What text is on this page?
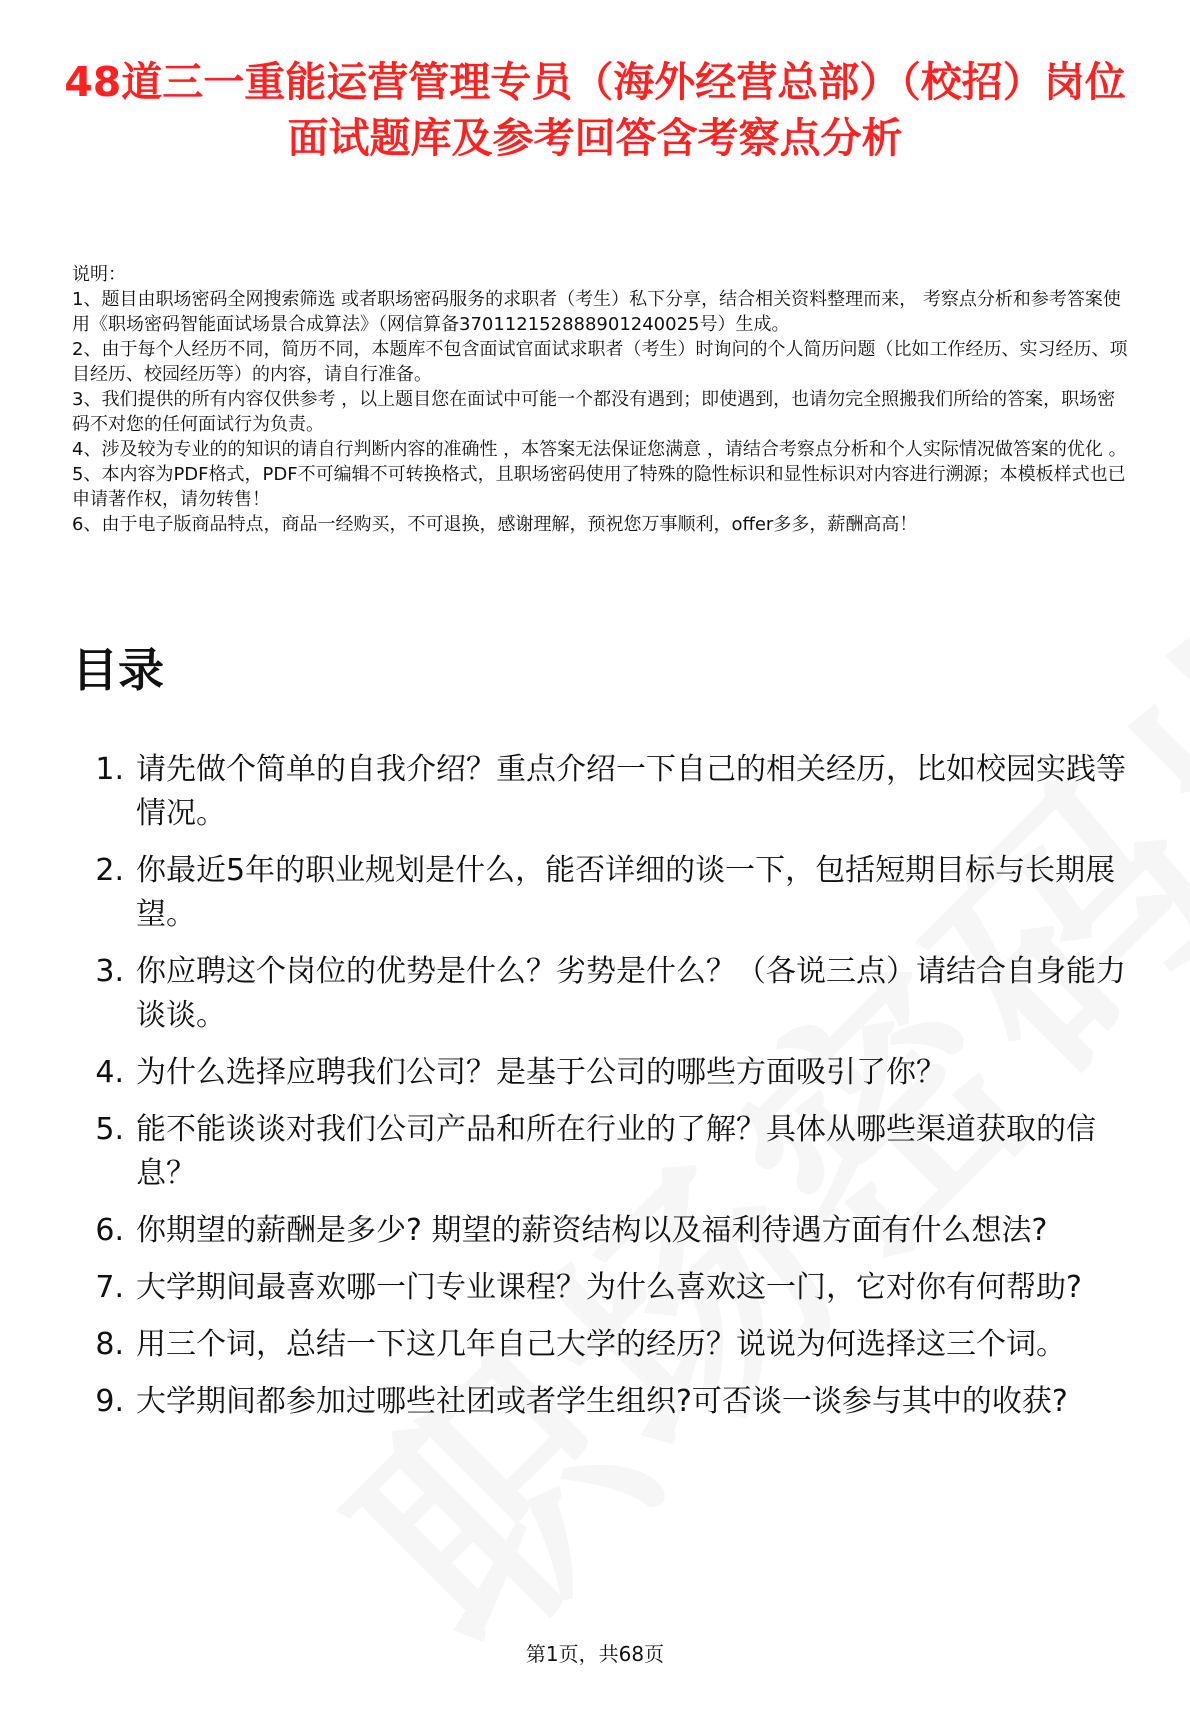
48道三一重能运营管理专员（海外经营总部）（校招）岗位面试题库及参考回答含考察点分析

说明：

1、题目由职场密码全网搜索筛选 或者职场密码服务的求职者（考生）私下分享，结合相关资料整理而来， 考察点分析和参考答案使用《职场密码智能面试场景合成算法》（网信算备370112152888901240025号）生成。

2、由于每个人经历不同，简历不同，本题库不包含面试官面试求职者（考生）时询问的个人简历问题（比如工作经历、实习经历、项目经历、校园经历等）的内容，请自行准备。

3、我们提供的所有内容仅供参考 ，以上题目您在面试中可能一个都没有遇到；即使遇到，也请勿完全照搬我们所给的答案，职场密码不对您的任何面试行为负责。

4、涉及较为专业的的知识的请自行判断内容的准确性 ，本答案无法保证您满意 ，请结合考察点分析和个人实际情况做答案的优化 。

5、本内容为PDF格式，PDF不可编辑不可转换格式，且职场密码使用了特殊的隐性标识和显性标识对内容进行溯源；本模板样式也已申请著作权，请勿转售！

6、由于电子版商品特点，商品一经购买，不可退换，感谢理解，预祝您万事顺利，offer多多，薪酬高高！

目录
1. 请先做个简单的自我介绍？重点介绍一下自己的相关经历，比如校园实践等情况。
2. 你最近5年的职业规划是什么，能否详细的谈一下，包括短期目标与长期展望。
3. 你应聘这个岗位的优势是什么？劣势是什么？（各说三点）请结合自身能力谈谈。
4. 为什么选择应聘我们公司？是基于公司的哪些方面吸引了你？
5. 能不能谈谈对我们公司产品和所在行业的了解？具体从哪些渠道获取的信息？
6. 你期望的薪酬是多少? 期望的薪资结构以及福利待遇方面有什么想法?
7. 大学期间最喜欢哪一门专业课程？为什么喜欢这一门，它对你有何帮助?
8. 用三个词，总结一下这几年自己大学的经历？说说为何选择这三个词。
9. 大学期间都参加过哪些社团或者学生组织?可否谈一谈参与其中的收获?
第1页，共68页
